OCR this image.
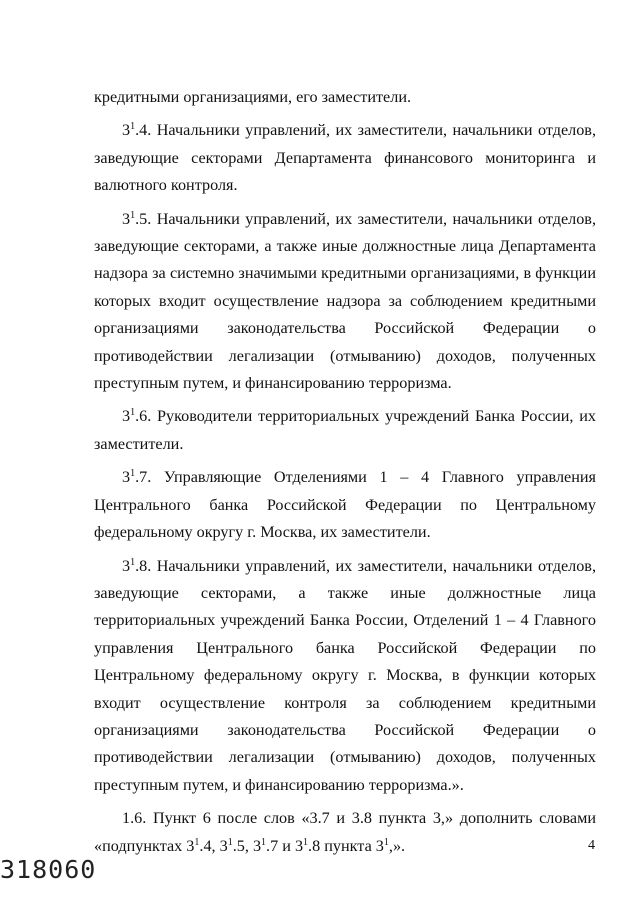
кредитными организациями, его заместители.

$3^1.4$. Начальники управлений, их заместители, начальники отделов, заведующие секторами Департамента финансового мониторинга и валютного контроля.

$3^1.5$. Начальники управлений, их заместители, начальники отделов, заведующие секторами, а также иные должностные лица Департамента надзора за системно значимыми кредитными организациями, в функции которых входит осуществление надзора за соблюдением кредитными организациями законодательства Российской Федерации о противодействии легализации (отмыванию) доходов, полученных преступным путем, и финансированию терроризма.

$3^1.6$. Руководители территориальных учреждений Банка России, их заместители.

$3^1.7$. Управляющие Отделениями 1 – 4 Главного управления Центрального банка Российской Федерации по Центральному федеральному округу г. Москва, их заместители.

$3^1.8$. Начальники управлений, их заместители, начальники отделов, заведующие секторами, а также иные должностные лица территориальных учреждений Банка России, Отделений 1 – 4 Главного управления Центрального банка Российской Федерации по Центральному федеральному округу г. Москва, в функции которых входит осуществление контроля за соблюдением кредитными организациями законодательства Российской Федерации о противодействии легализации (отмыванию) доходов, полученных преступным путем, и финансированию терроризма.».

1.6. Пункт 6 после слов «3.7 и 3.8 пункта 3,» дополнить словами «подпунктах $3^1.4$, $3^1.5$, $3^1.7$ и $3^1.8$ пункта $3^1$,».	4
318060
